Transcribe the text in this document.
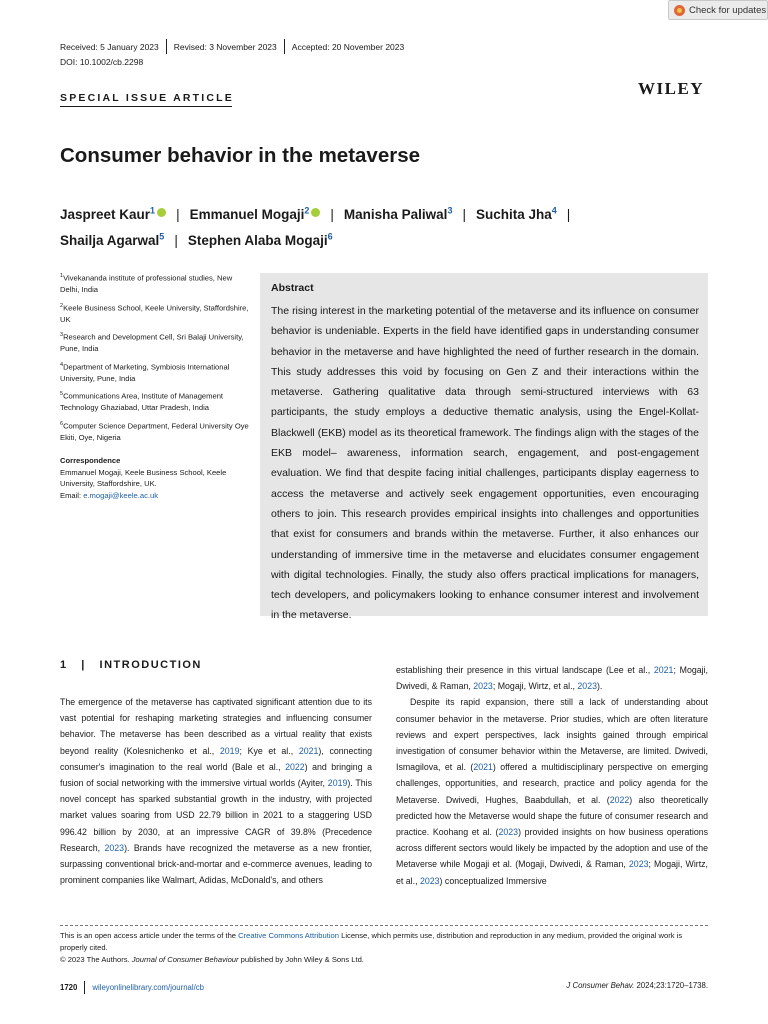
Check for updates
Received: 5 January 2023 Revised: 3 November 2023 Accepted: 20 November 2023
DOI: 10.1002/cb.2298
SPECIAL ISSUE ARTICLE	WILEY
Consumer behavior in the metaverse
Jaspreet Kaur$^1$ | Emmanuel Mogaji$^2$ | Manisha Paliwal$^3$ | Suchita Jha$^4$ |
Shailja Agarwal$^5$ | Stephen Alaba Mogaji$^6$

$^1$Vivekananda institute of professional studies, New Delhi, India

$^2$Keele Business School, Keele University, Staffordshire, UK

$^3$Research and Development Cell, Sri Balaji University, Pune, India

$^4$Department of Marketing, Symbiosis International University, Pune, India

$^5$Communications Area, Institute of Management Technology Ghaziabad, Uttar Pradesh, India

$^6$Computer Science Department, Federal University Oye Ekiti, Oye, Nigeria

Correspondence

Emmanuel Mogaji, Keele Business School, Keele University, Staffordshire, UK.
Email: e.mogaji@keele.ac.uk

Abstract
The rising interest in the marketing potential of the metaverse and its influence on consumer behavior is undeniable. Experts in the field have identified gaps in understanding consumer behavior in the metaverse and have highlighted the need of further research in the domain. This study addresses this void by focusing on Gen Z and their interactions within the metaverse. Gathering qualitative data through semi-structured interviews with 63 participants, the study employs a deductive thematic analysis, using the Engel-Kollat-Blackwell (EKB) model as its theoretical framework. The findings align with the stages of the EKB model– awareness, information search, engagement, and post-engagement evaluation. We find that despite facing initial challenges, participants display eagerness to access the metaverse and actively seek engagement opportunities, even encouraging others to join. This research provides empirical insights into challenges and opportunities that exist for consumers and brands within the metaverse. Further, it also enhances our understanding of immersive time in the metaverse and elucidates consumer engagement with digital technologies. Finally, the study also offers practical implications for managers, tech developers, and policymakers looking to enhance consumer interest and involvement in the metaverse.
1   |   INTRODUCTION
The emergence of the metaverse has captivated significant attention due to its vast potential for reshaping marketing strategies and influencing consumer behavior. The metaverse has been described as a virtual reality that exists beyond reality (Kolesnichenko et al., 2019; Kye et al., 2021), connecting consumer's imagination to the real world (Bale et al., 2022) and bringing a fusion of social networking with the immersive virtual worlds (Ayiter, 2019). This novel concept has sparked substantial growth in the industry, with projected market values soaring from USD 22.79 billion in 2021 to a staggering USD 996.42 billion by 2030, at an impressive CAGR of 39.8% (Precedence Research, 2023). Brands have recognized the metaverse as a new frontier, surpassing conventional brick-and-mortar and e-commerce avenues, leading to prominent companies like Walmart, Adidas, McDonald's, and others
establishing their presence in this virtual landscape (Lee et al., 2021; Mogaji, Dwivedi, & Raman, 2023; Mogaji, Wirtz, et al., 2023).
Despite its rapid expansion, there still a lack of understanding about consumer behavior in the metaverse. Prior studies, which are often literature reviews and expert perspectives, lack insights gained through empirical investigation of consumer behavior within the Metaverse, are limited. Dwivedi, Ismagilova, et al. (2021) offered a multidisciplinary perspective on emerging challenges, opportunities, and research, practice and policy agenda for the Metaverse. Dwivedi, Hughes, Baabdullah, et al. (2022) also theoretically predicted how the Metaverse would shape the future of consumer research and practice. Koohang et al. (2023) provided insights on how business operations across different sectors would likely be impacted by the adoption and use of the Metaverse while Mogaji et al. (Mogaji, Dwivedi, & Raman, 2023; Mogaji, Wirtz, et al., 2023) conceptualized Immersive
This is an open access article under the terms of the Creative Commons Attribution License, which permits use, distribution and reproduction in any medium, provided the original work is properly cited.
© 2023 The Authors. Journal of Consumer Behaviour published by John Wiley & Sons Ltd.
1720 wileyonlinelibrary.com/journal/cb	J Consumer Behav. 2024;23:1720–1738.
